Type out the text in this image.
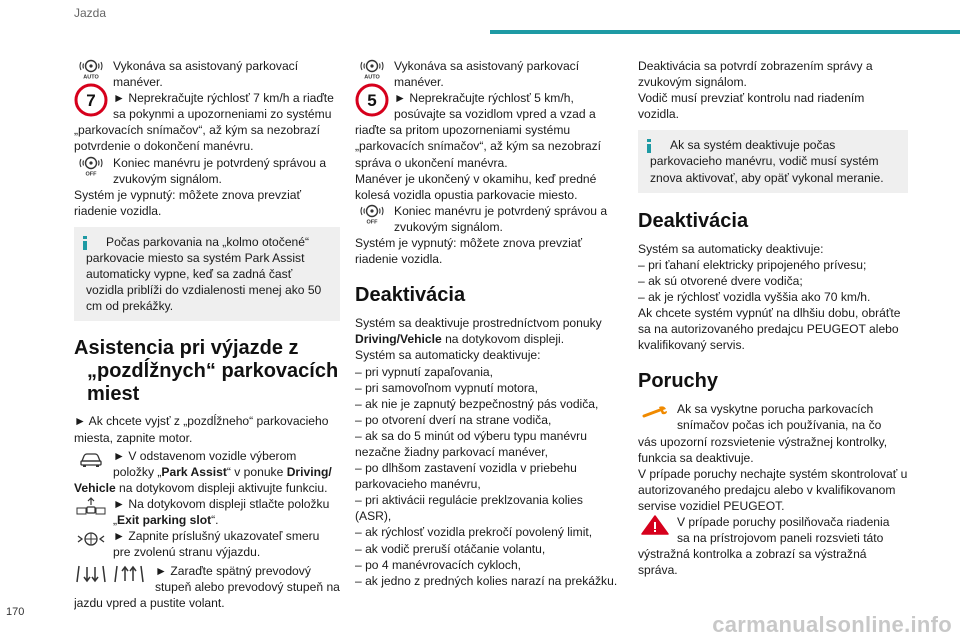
Jazda
AUTO
7

Vykonáva sa asistovaný parkovací

manéver.

► Neprekračujte rýchlosť 7 km/h a riaďte

sa pokynmi a upozorneniami zo systému

„parkovacích snímačov“, až kým sa nezobrazí potvrdenie o dokončení manévru.

OFF

Koniec manévru je potvrdený správou a

zvukovým signálom.

Systém je vypnutý: môžete znova prevziať riadenie vozidla.

Počas parkovania na „kolmo otočené“ parkovacie miesto sa systém Park Assist automaticky vypne, keď sa zadná časť vozidla priblíži do vzdialenosti menej ako 50 cm od prekážky.

Asistencia pri výjazde z
„pozdĺžnych“ parkovacích
miest

► Ak chcete vyjsť z „pozdĺžneho“ parkovacieho miesta, zapnite motor.

► V odstavenom vozidle výberom položky „Park Assist“ v ponuke Driving/ Vehicle na dotykovom displeji aktivujte funkciu.

► Na dotykovom displeji stlačte položku „Exit parking slot“.

► Zapnite príslušný ukazovateľ smeru pre zvolenú stranu výjazdu.

► Zaraďte spätný prevodový stupeň alebo prevodový stupeň na jazdu vpred a pustite volant.

AUTO
5

Vykonáva sa asistovaný parkovací

manéver.

► Neprekračujte rýchlosť 5 km/h,

posúvajte sa vozidlom vpred a vzad a

riaďte sa pritom upozorneniami systému „parkovacích snímačov“, až kým sa nezobrazí správa o ukončení manévra.

Manéver je ukončený v okamihu, keď predné kolesá vozidla opustia parkovacie miesto.

OFF

Koniec manévru je potvrdený správou a

zvukovým signálom.

Systém je vypnutý: môžete znova prevziať riadenie vozidla.

Deaktivácia

Systém sa deaktivuje prostredníctvom ponuky Driving/Vehicle na dotykovom displeji.

Systém sa automaticky deaktivuje:

– pri vypnutí zapaľovania,

– pri samovoľnom vypnutí motora,

– ak nie je zapnutý bezpečnostný pás vodiča,

– po otvorení dverí na strane vodiča,

– ak sa do 5 minút od výberu typu manévru nezačne žiadny parkovací manéver,

– po dlhšom zastavení vozidla v priebehu parkovacieho manévru,

– pri aktivácii regulácie preklzovania kolies (ASR),

– ak rýchlosť vozidla prekročí povolený limit,

– ak vodič preruší otáčanie volantu,

– po 4 manévrovacích cykloch,

– ak jedno z predných kolies narazí na prekážku.

Deaktivácia sa potvrdí zobrazením správy a zvukovým signálom.

Vodič musí prevziať kontrolu nad riadením vozidla.

Ak sa systém deaktivuje počas parkovacieho manévru, vodič musí systém znova aktivovať, aby opäť vykonal meranie.

Deaktivácia

Systém sa automaticky deaktivuje:

– pri ťahaní elektricky pripojeného prívesu;

– ak sú otvorené dvere vodiča;

– ak je rýchlosť vozidla vyššia ako 70 km/h.

Ak chcete systém vypnúť na dlhšiu dobu, obráťte sa na autorizovaného predajcu PEUGEOT alebo kvalifikovaný servis.

Poruchy

Ak sa vyskytne porucha parkovacích

snímačov počas ich používania, na čo

vás upozorní rozsvietenie výstražnej kontrolky, funkcia sa deaktivuje.

V prípade poruchy nechajte systém skontrolovať u autorizovaného predajcu alebo v kvalifikovanom servise vozidiel PEUGEOT.

V prípade poruchy posilňovača riadenia

sa na prístrojovom paneli rozsvieti táto

výstražná kontrolka a zobrazí sa výstražná správa.

170	carmanualsonline.info
